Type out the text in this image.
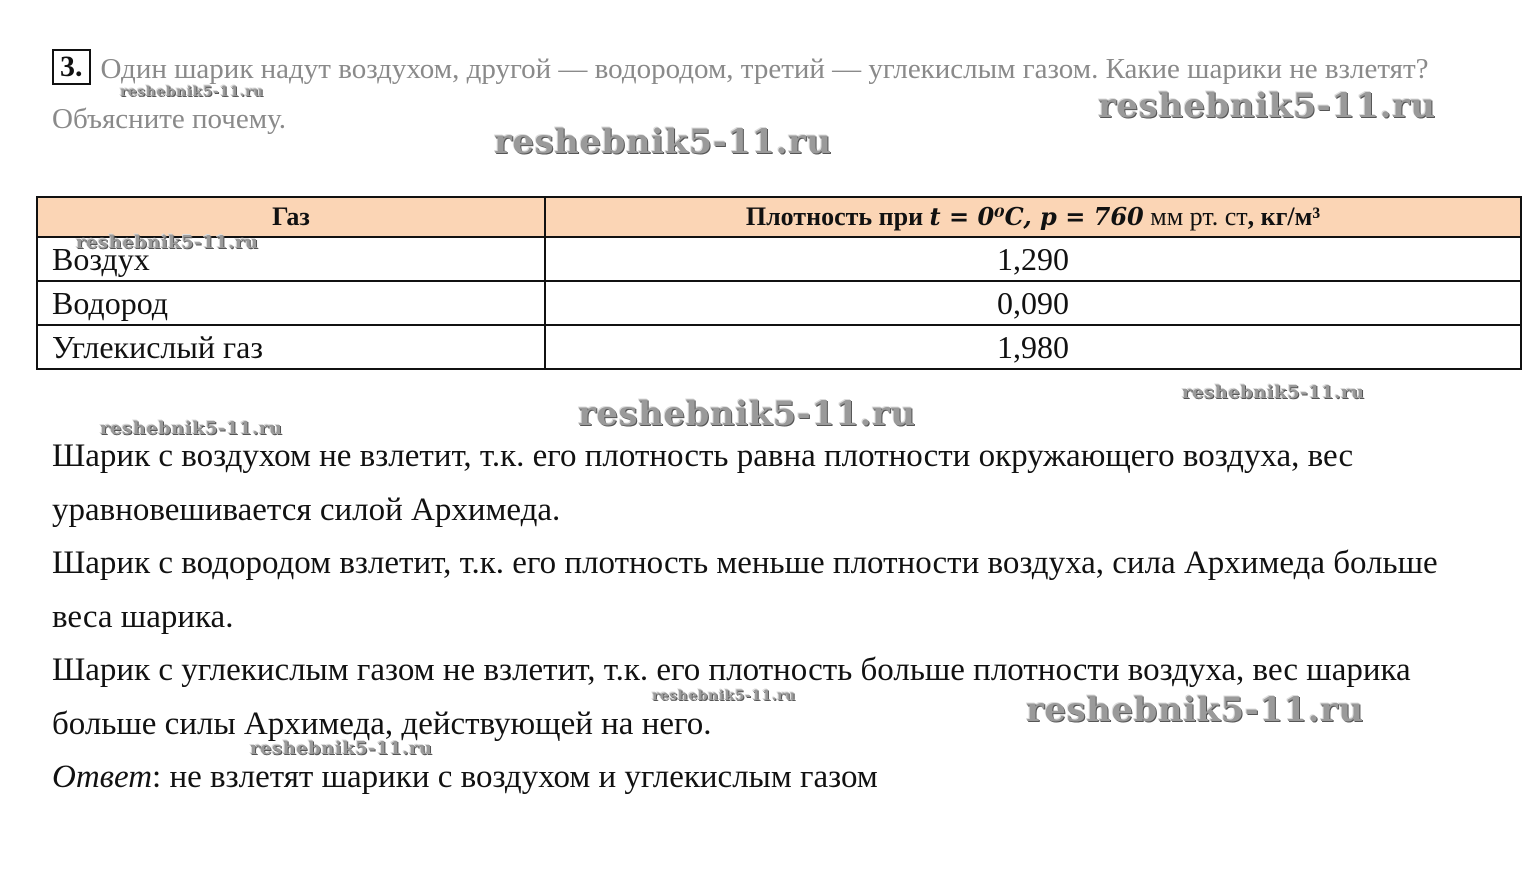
3. Один шарик надут воздухом, другой — водородом, третий — углекислым газом. Какие шарики не взлетят? Объясните почему.
Газ	Плотность при t = 0⁰C, p = 760 мм рт. ст, кг/м³
Воздух	1,290
Водород	0,090
Углекислый газ	1,980

Шарик с воздухом не взлетит, т.к. его плотность равна плотности окружающего воздуха, вес уравновешивается силой Архимеда.

Шарик с водородом взлетит, т.к. его плотность меньше плотности воздуха, сила Архимеда больше веса шарика.

Шарик с углекислым газом не взлетит, т.к. его плотность больше плотности воздуха, вес шарика больше силы Архимеда, действующей на него.

Ответ: не взлетят шарики с воздухом и углекислым газом

reshebnik5-11.ru	reshebnik5-11.ru
reshebnik5-11.ru
reshebnik5-11.ru
reshebnik5-11.ru
reshebnik5-11.ru
reshebnik5-11.ru
reshebnik5-11.ru	reshebnik5-11.ru
reshebnik5-11.ru
